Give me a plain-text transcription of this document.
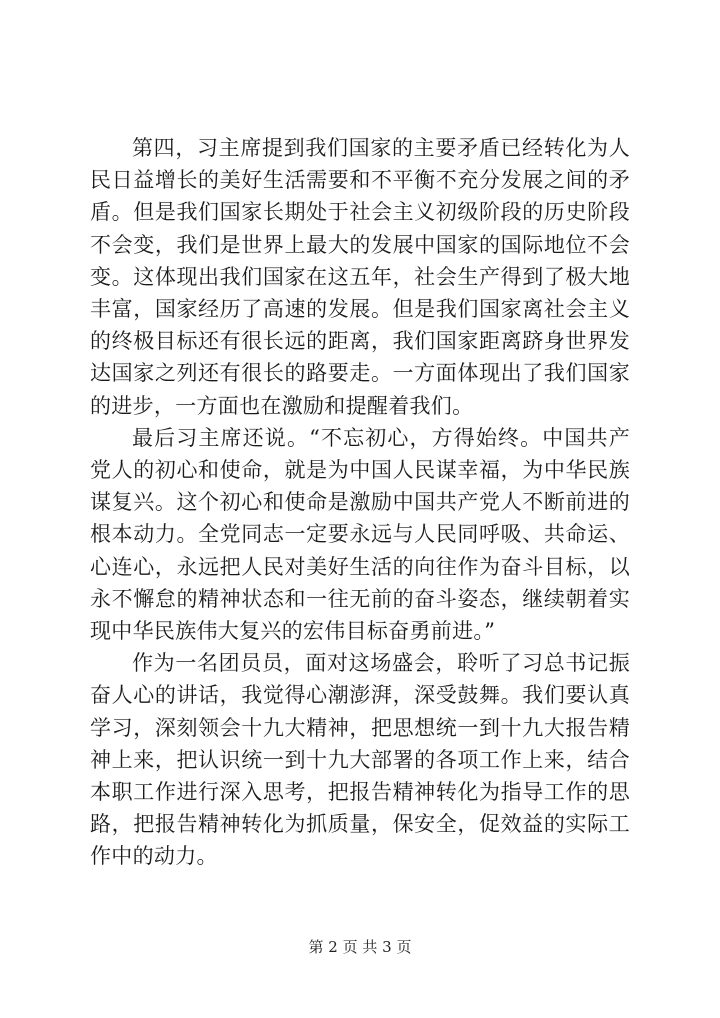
第四，习主席提到我们国家的主要矛盾已经转化为人民日益增长的美好生活需要和不平衡不充分发展之间的矛盾。但是我们国家长期处于社会主义初级阶段的历史阶段不会变，我们是世界上最大的发展中国家的国际地位不会变。这体现出我们国家在这五年，社会生产得到了极大地丰富，国家经历了高速的发展。但是我们国家离社会主义的终极目标还有很长远的距离，我们国家距离跻身世界发达国家之列还有很长的路要走。一方面体现出了我们国家的进步，一方面也在激励和提醒着我们。

最后习主席还说。“不忘初心，方得始终。中国共产党人的初心和使命，就是为中国人民谋幸福，为中华民族谋复兴。这个初心和使命是激励中国共产党人不断前进的根本动力。全党同志一定要永远与人民同呼吸、共命运、心连心，永远把人民对美好生活的向往作为奋斗目标，以永不懈怠的精神状态和一往无前的奋斗姿态，继续朝着实现中华民族伟大复兴的宏伟目标奋勇前进。”

作为一名团员员，面对这场盛会，聆听了习总书记振奋人心的讲话，我觉得心潮澎湃，深受鼓舞。我们要认真学习，深刻领会十九大精神，把思想统一到十九大报告精神上来，把认识统一到十九大部署的各项工作上来，结合本职工作进行深入思考，把报告精神转化为指导工作的思路，把报告精神转化为抓质量，保安全，促效益的实际工作中的动力。

第 2 页 共 3 页
